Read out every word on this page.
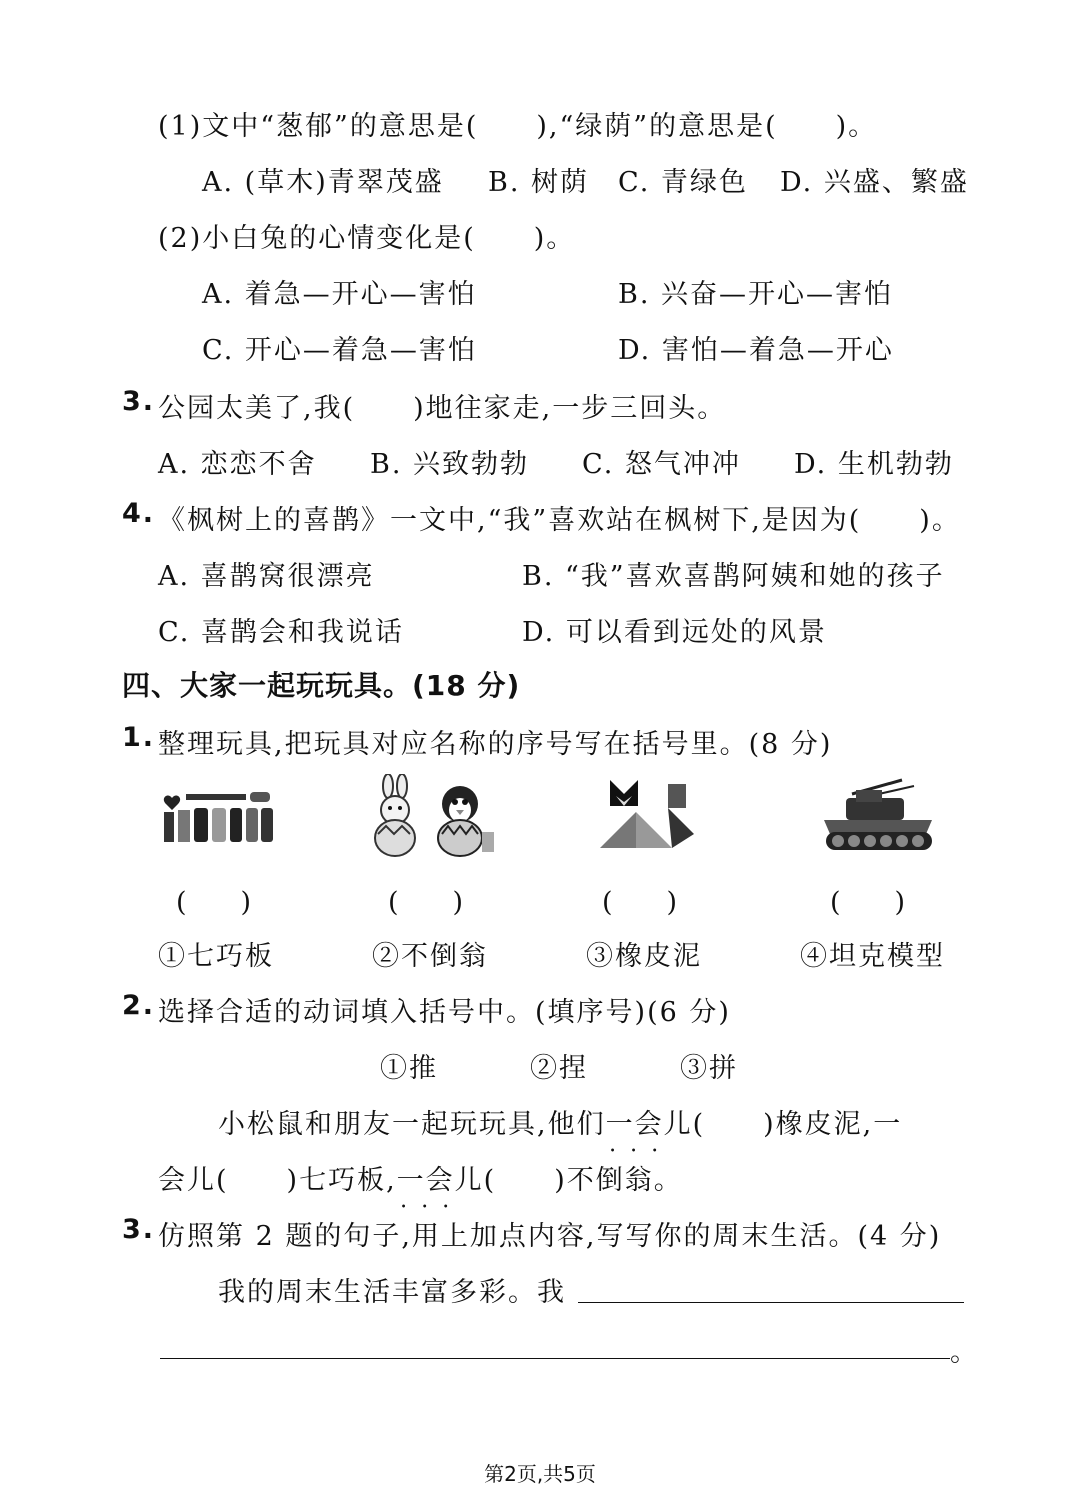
(1)文中“葱郁”的意思是(　　),“绿荫”的意思是(　　)。
A. (草木)青翠茂盛 B. 树荫 C. 青绿色 D. 兴盛、繁盛
(2)小白兔的心情变化是(　　)。
A. 着急—开心—害怕	B. 兴奋—开心—害怕
C. 开心—着急—害怕	D. 害怕—着急—开心
3. 公园太美了,我(　　)地往家走,一步三回头。
A. 恋恋不舍 B. 兴致勃勃 C. 怒气冲冲 D. 生机勃勃
4. 《枫树上的喜鹊》一文中,“我”喜欢站在枫树下,是因为(　　)。
A. 喜鹊窝很漂亮	B. “我”喜欢喜鹊阿姨和她的孩子
C. 喜鹊会和我说话	D. 可以看到远处的风景
四、大家一起玩玩具。(18 分)
1. 整理玩具,把玩具对应名称的序号写在括号里。(8 分)
(　　)	(　　)	(　　)	(　　)
①七巧板	②不倒翁	③橡皮泥	④坦克模型
2. 选择合适的动词填入括号中。(填序号)(6 分)
①推	②捏	③拼
小松鼠和朋友一起玩玩具,他们一会儿 • • •(　　)橡皮泥,一
会儿(　　)七巧板,一会儿 • • •(　　)不倒翁。
3. 仿照第 2 题的句子,用上加点内容,写写你的周末生活。(4 分)
我的周末生活丰富多彩。我
。
第2页,共5页
